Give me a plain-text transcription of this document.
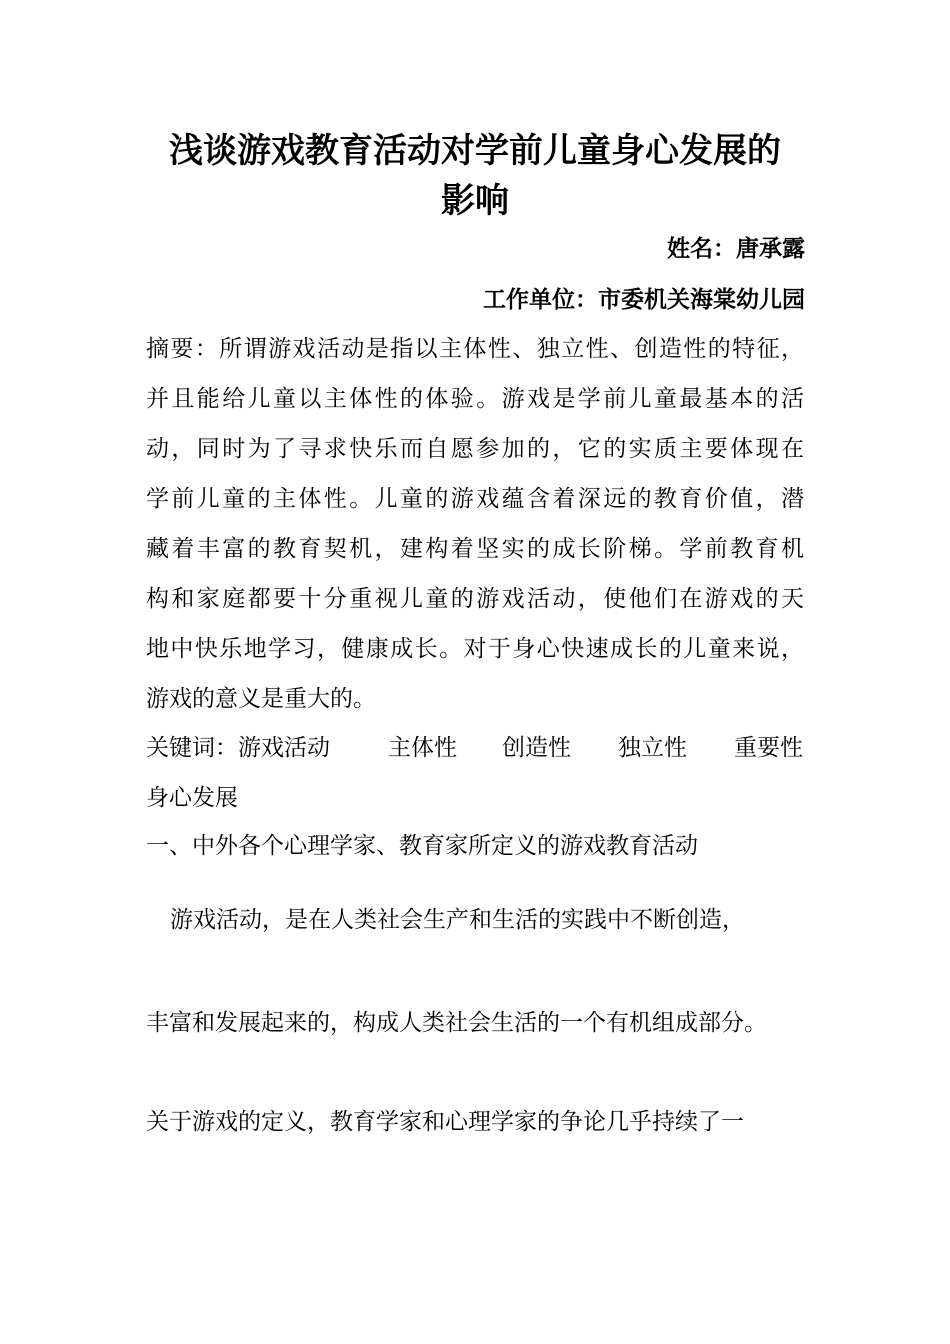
浅谈游戏教育活动对学前儿童身心发展的
影响
姓名：唐承露
工作单位：市委机关海棠幼儿园
摘要：所谓游戏活动是指以主体性、独立性、创造性的特征，
并且能给儿童以主体性的体验。游戏是学前儿童最基本的活
动，同时为了寻求快乐而自愿参加的，它的实质主要体现在
学前儿童的主体性。儿童的游戏蕴含着深远的教育价值，潜
藏着丰富的教育契机，建构着坚实的成长阶梯。学前教育机
构和家庭都要十分重视儿童的游戏活动，使他们在游戏的天
地中快乐地学习，健康成长。对于身心快速成长的儿童来说，
游戏的意义是重大的。
关键词：游戏活动	主体性 创造性 独立性 重要性
身心发展
一、中外各个心理学家、教育家所定义的游戏教育活动
游戏活动，是在人类社会生产和生活的实践中不断创造，
丰富和发展起来的，构成人类社会生活的一个有机组成部分。
关于游戏的定义，教育学家和心理学家的争论几乎持续了一
